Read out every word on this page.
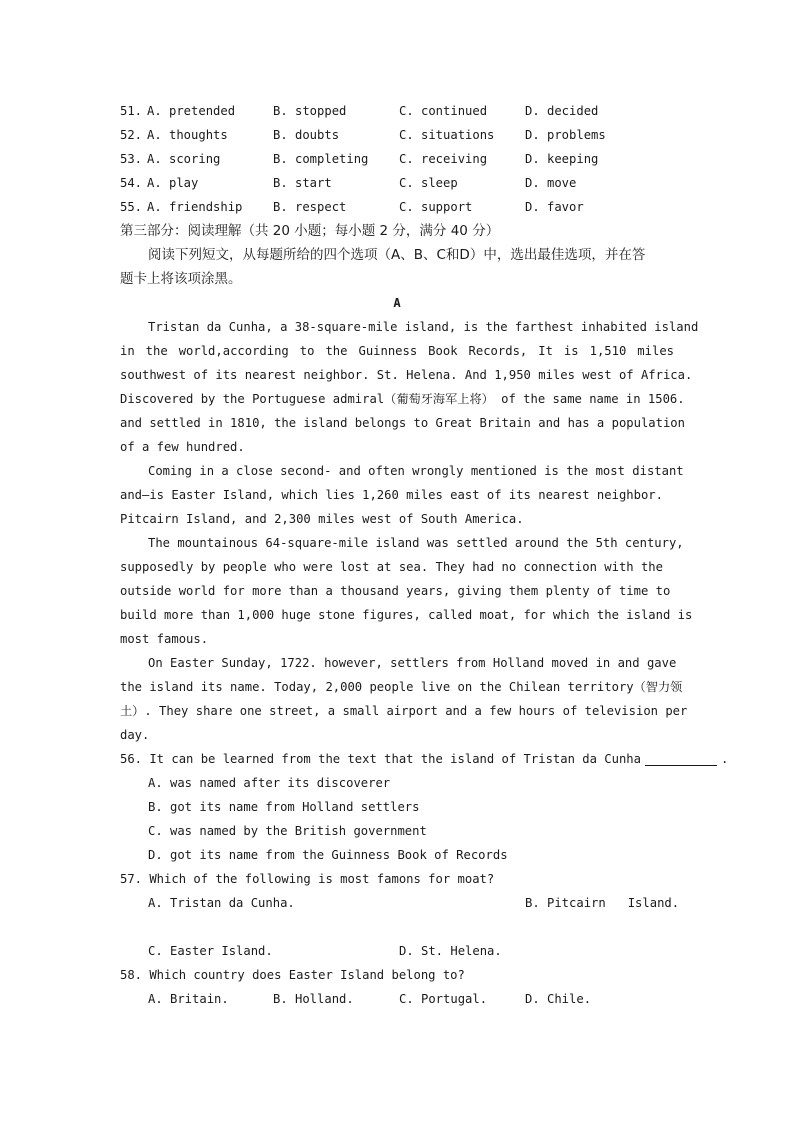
51. A. pretended	B. stopped	C. continued	D. decided
52. A. thoughts	B. doubts	C. situations	D. problems
53. A. scoring	B. completing	C. receiving	D. keeping
54. A. play	B. start	C. sleep	D. move
55. A. friendship	B. respect	C. support	D. favor
第三部分：阅读理解（共 20 小题；每小题 2 分，满分 40 分）
阅读下列短文，从每题所给的四个选项（A、B、C和D）中，选出最佳选项，并在答
题卡上将该项涂黑。
A
Tristan da Cunha, a 38-square-mile island, is the farthest inhabited island
in the world,according to the Guinness Book Records, It is 1,510 miles
southwest of its nearest neighbor. St. Helena. And 1,950 miles west of Africa.
Discovered by the Portuguese admiral（葡萄牙海军上将） of the same name in 1506.
and settled in 1810, the island belongs to Great Britain and has a population
of a few hundred.
Coming in a close second- and often wrongly mentioned is the most distant
and—is Easter Island, which lies 1,260 miles east of its nearest neighbor.
Pitcairn Island, and 2,300 miles west of South America.
The mountainous 64-square-mile island was settled around the 5th century,
supposedly by people who were lost at sea. They had no connection with the
outside world for more than a thousand years, giving them plenty of time to
build more than 1,000 huge stone figures, called moat, for which the island is
most famous.
On Easter Sunday, 1722. however, settlers from Holland moved in and gave
the island its name. Today, 2,000 people live on the Chilean territory（智力领
土）. They share one street, a small airport and a few hours of television per
day.
56. It can be learned from the text that the island of Tristan da Cunha	.
A. was named after its discoverer
B. got its name from Holland settlers
C. was named by the British government
D. got its name from the Guinness Book of Records
57. Which of the following is most famons for moat?
A. Tristan da Cunha.	B. Pitcairn   Island.
C. Easter Island.	D. St. Helena.
58. Which country does Easter Island belong to?
A. Britain.	B. Holland.	C. Portugal.	D. Chile.
